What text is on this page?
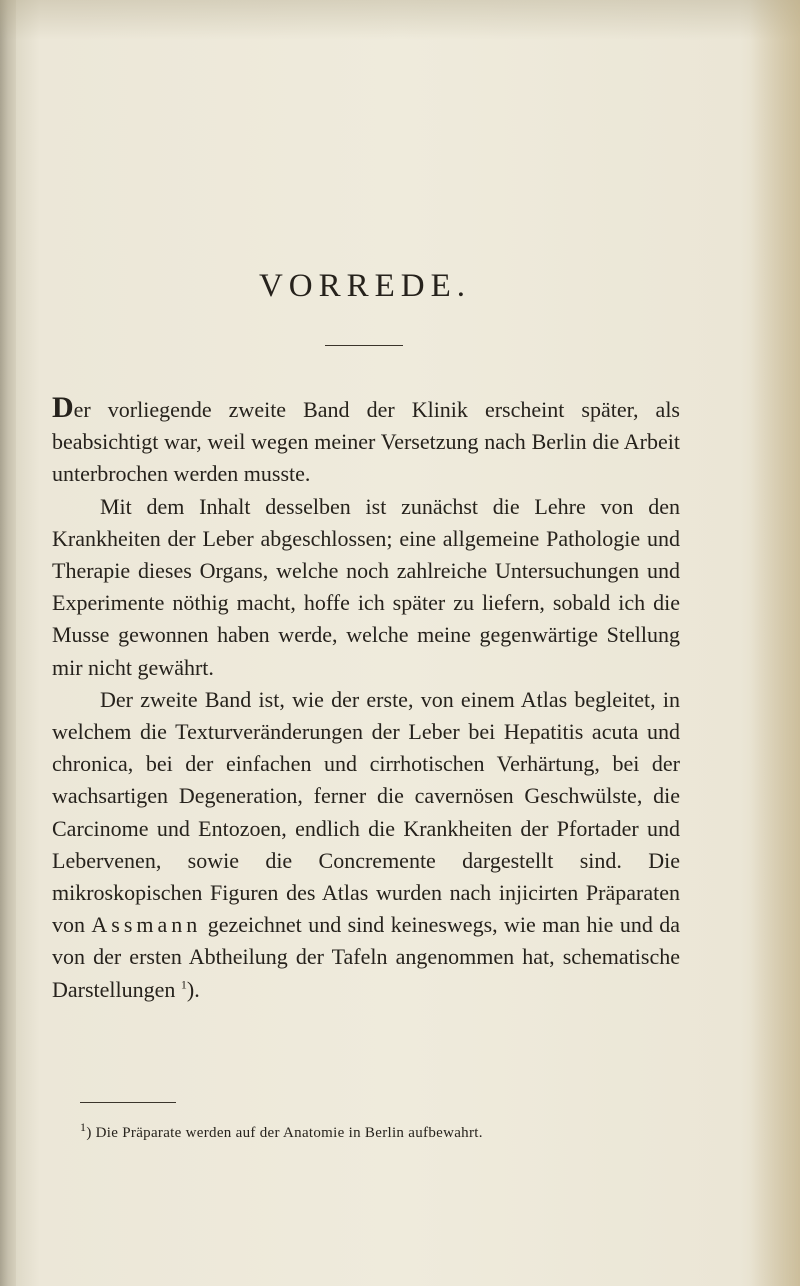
VORREDE.

Der vorliegende zweite Band der Klinik erscheint später, als beabsichtigt war, weil wegen meiner Versetzung nach Berlin die Arbeit unterbrochen werden musste.

Mit dem Inhalt desselben ist zunächst die Lehre von den Krankheiten der Leber abgeschlossen; eine allgemeine Pathologie und Therapie dieses Organs, welche noch zahlreiche Untersuchungen und Experimente nöthig macht, hoffe ich später zu liefern, sobald ich die Musse gewonnen haben werde, welche meine gegenwärtige Stellung mir nicht gewährt.

Der zweite Band ist, wie der erste, von einem Atlas begleitet, in welchem die Texturveränderungen der Leber bei Hepatitis acuta und chronica, bei der einfachen und cirrhotischen Verhärtung, bei der wachsartigen Degeneration, ferner die cavernösen Geschwülste, die Carcinome und Entozoen, endlich die Krankheiten der Pfortader und Lebervenen, sowie die Concremente dargestellt sind. Die mikroskopischen Figuren des Atlas wurden nach injicirten Präparaten von Assmann gezeichnet und sind keineswegs, wie man hie und da von der ersten Abtheilung der Tafeln angenommen hat, schematische Darstellungen $^1$).

$^1$) Die Präparate werden auf der Anatomie in Berlin aufbewahrt.
